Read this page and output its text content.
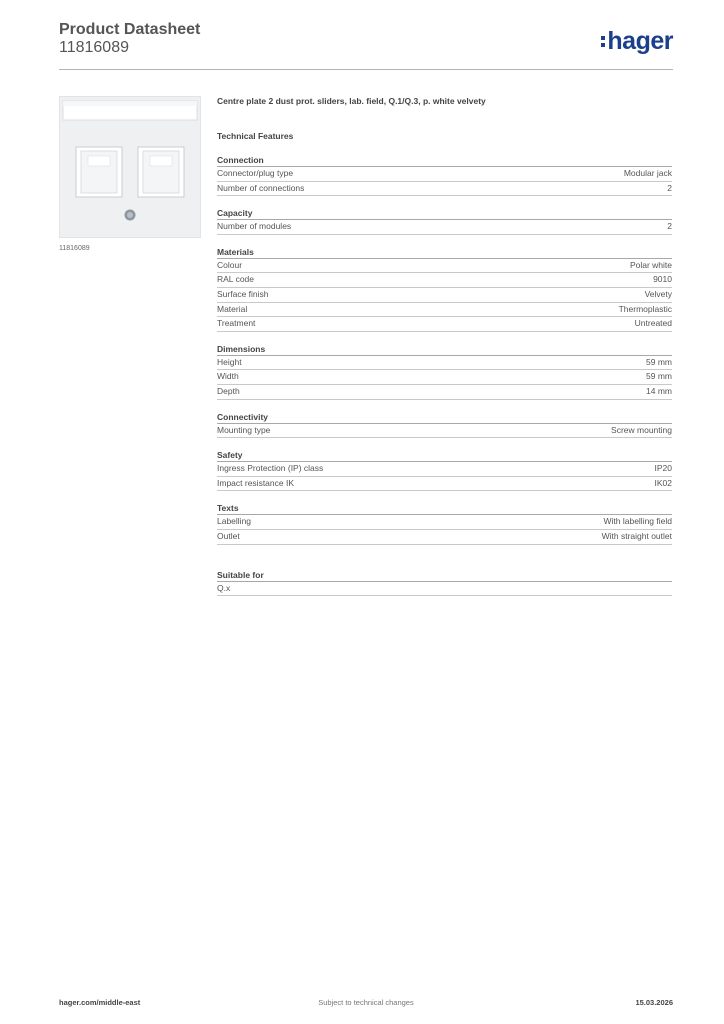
Product Datasheet
11816089	hager
11816089
Centre plate 2 dust prot. sliders, lab. field, Q.1/Q.3, p. white velvety
Technical Features
Connection
Connector/plug type	Modular jack
Number of connections	2
Capacity
Number of modules	2
Materials
Colour	Polar white
RAL code	9010
Surface finish	Velvety
Material	Thermoplastic
Treatment	Untreated
Dimensions
Height	59 mm
Width	59 mm
Depth	14 mm
Connectivity
Mounting type	Screw mounting
Safety
Ingress Protection (IP) class	IP20
Impact resistance IK	IK02
Texts
Labelling	With labelling field
Outlet	With straight outlet
Suitable for
Q.x
Subject to technical changes
hager.com/middle-east	15.03.2026
